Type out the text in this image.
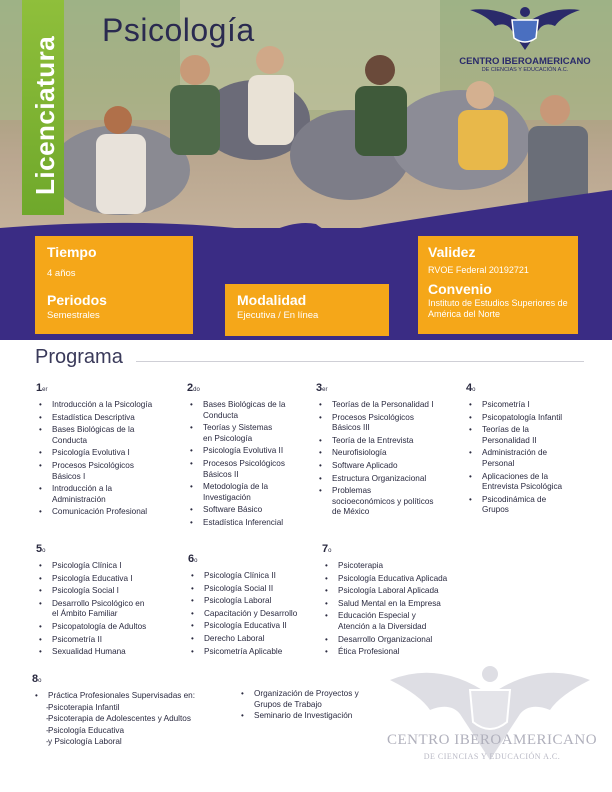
Licenciatura
Psicología
CENTRO IBEROAMERICANO
DE CIENCIAS Y EDUCACIÓN A.C.
Tiempo

4 años

Periodos

Semestrales

Modalidad

Ejecutiva / En línea

Validez

RVOE Federal 20192721

Convenio

Instituto de Estudios Superiores de América del Norte

Programa
1er
• Introducción a la Psicología
• Estadística Descriptiva
• Bases Biológicas de la Conducta
• Psicología Evolutiva I
• Procesos Psicológicos Básicos I
• Introducción a la Administración
• Comunicación Profesional
2do
• Bases Biológicas de la Conducta
• Teorías y Sistemas en Psicología
• Psicología Evolutiva II
• Procesos Psicológicos Básicos II
• Metodología de la Investigación
• Software Básico
• Estadística Inferencial
3er
• Teorías de la Personalidad I
• Procesos Psicológicos Básicos III
• Teoría de la Entrevista
• Neurofisiología
• Software Aplicado
• Estructura Organizacional
• Problemas socioeconómicos y políticos de México
4o
• Psicometría I
• Psicopatología Infantil
• Teorías de la Personalidad II
• Administración de Personal
• Aplicaciones de la Entrevista Psicológica
• Psicodinámica de Grupos
5o
• Psicología Clínica I
• Psicología Educativa I
• Psicología Social I
• Desarrollo Psicológico en el Ámbito Familiar
• Psicopatología de Adultos
• Psicometría II
• Sexualidad Humana
6o
• Psicología Clínica II
• Psicología Social II
• Psicología Laboral
• Capacitación y Desarrollo
• Psicología Educativa II
• Derecho Laboral
• Psicometría Aplicable
7o
• Psicoterapia
• Psicología Educativa Aplicada
• Psicología Laboral Aplicada
• Salud Mental en la Empresa
• Educación Especial y Atención a la Diversidad
• Desarrollo Organizacional
• Ética Profesional
8o
• Práctica Profesionales Supervisadas en:
- Psicoterapia Infantil
- Psicoterapia de Adolescentes y Adultos
- Psicología Educativa
- y Psicología Laboral
• Organización de Proyectos y Grupos de Trabajo
• Seminario de Investigación
CENTRO IBEROAMERICANO
DE CIENCIAS Y EDUCACIÓN A.C.
